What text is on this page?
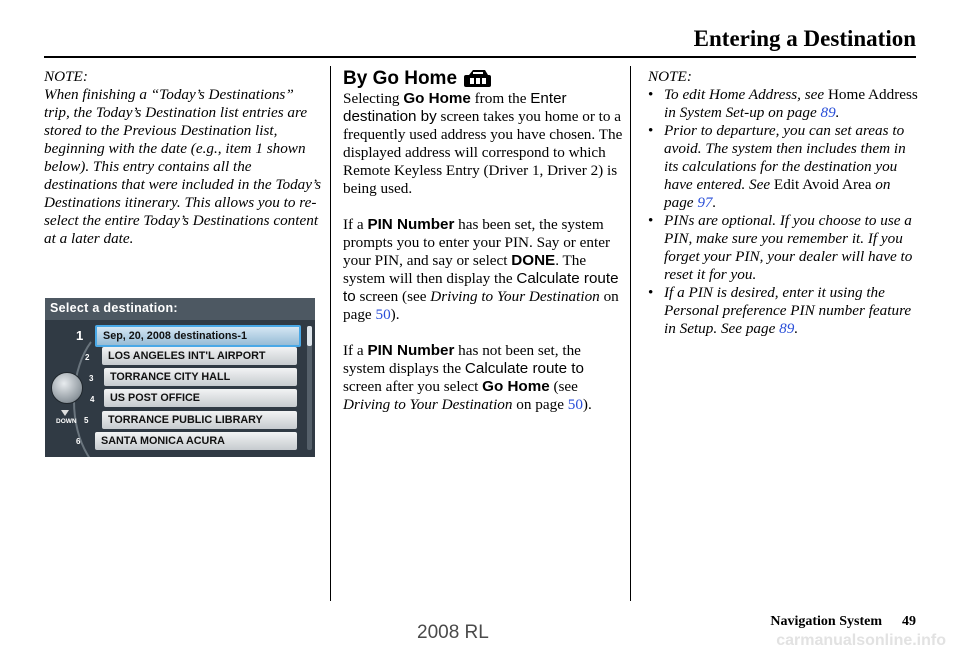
Entering a Destination
NOTE:
When finishing a “Today’s Destinations” trip, the Today’s Destination list entries are stored to the Previous Destination list, beginning with the date (e.g., item 1 shown below). This entry contains all the destinations that were included in the Today’s Destinations itinerary. This allows you to re-select the entire Today’s Destinations content at a later date.
Select a destination:
DOWN
1 Sep, 20, 2008 destinations-1
2 LOS ANGELES INT'L AIRPORT
3 TORRANCE CITY HALL
4 US POST OFFICE
5 TORRANCE PUBLIC LIBRARY
6 SANTA MONICA ACURA
By Go Home

Selecting Go Home from the Enter destination by screen takes you home or to a frequently used address you have chosen. The displayed address will correspond to which Remote Keyless Entry (Driver 1, Driver 2) is being used.

If a PIN Number has been set, the system prompts you to enter your PIN. Say or enter your PIN, and say or select DONE. The system will then display the Calculate route to screen (see Driving to Your Destination on page 50).

If a PIN Number has not been set, the system displays the Calculate route to screen after you select Go Home (see Driving to Your Destination on page 50).

NOTE:
• To edit Home Address, see Home Address in System Set-up on page 89.
• Prior to departure, you can set areas to avoid. The system then includes them in its calculations for the destination you have entered. See Edit Avoid Area on page 97.
• PINs are optional. If you choose to use a PIN, make sure you remember it. If you forget your PIN, your dealer will have to reset it for you.
• If a PIN is desired, enter it using the Personal preference PIN number feature in Setup. See page 89.
Navigation System 49
2008 RL	carmanualsonline.info
